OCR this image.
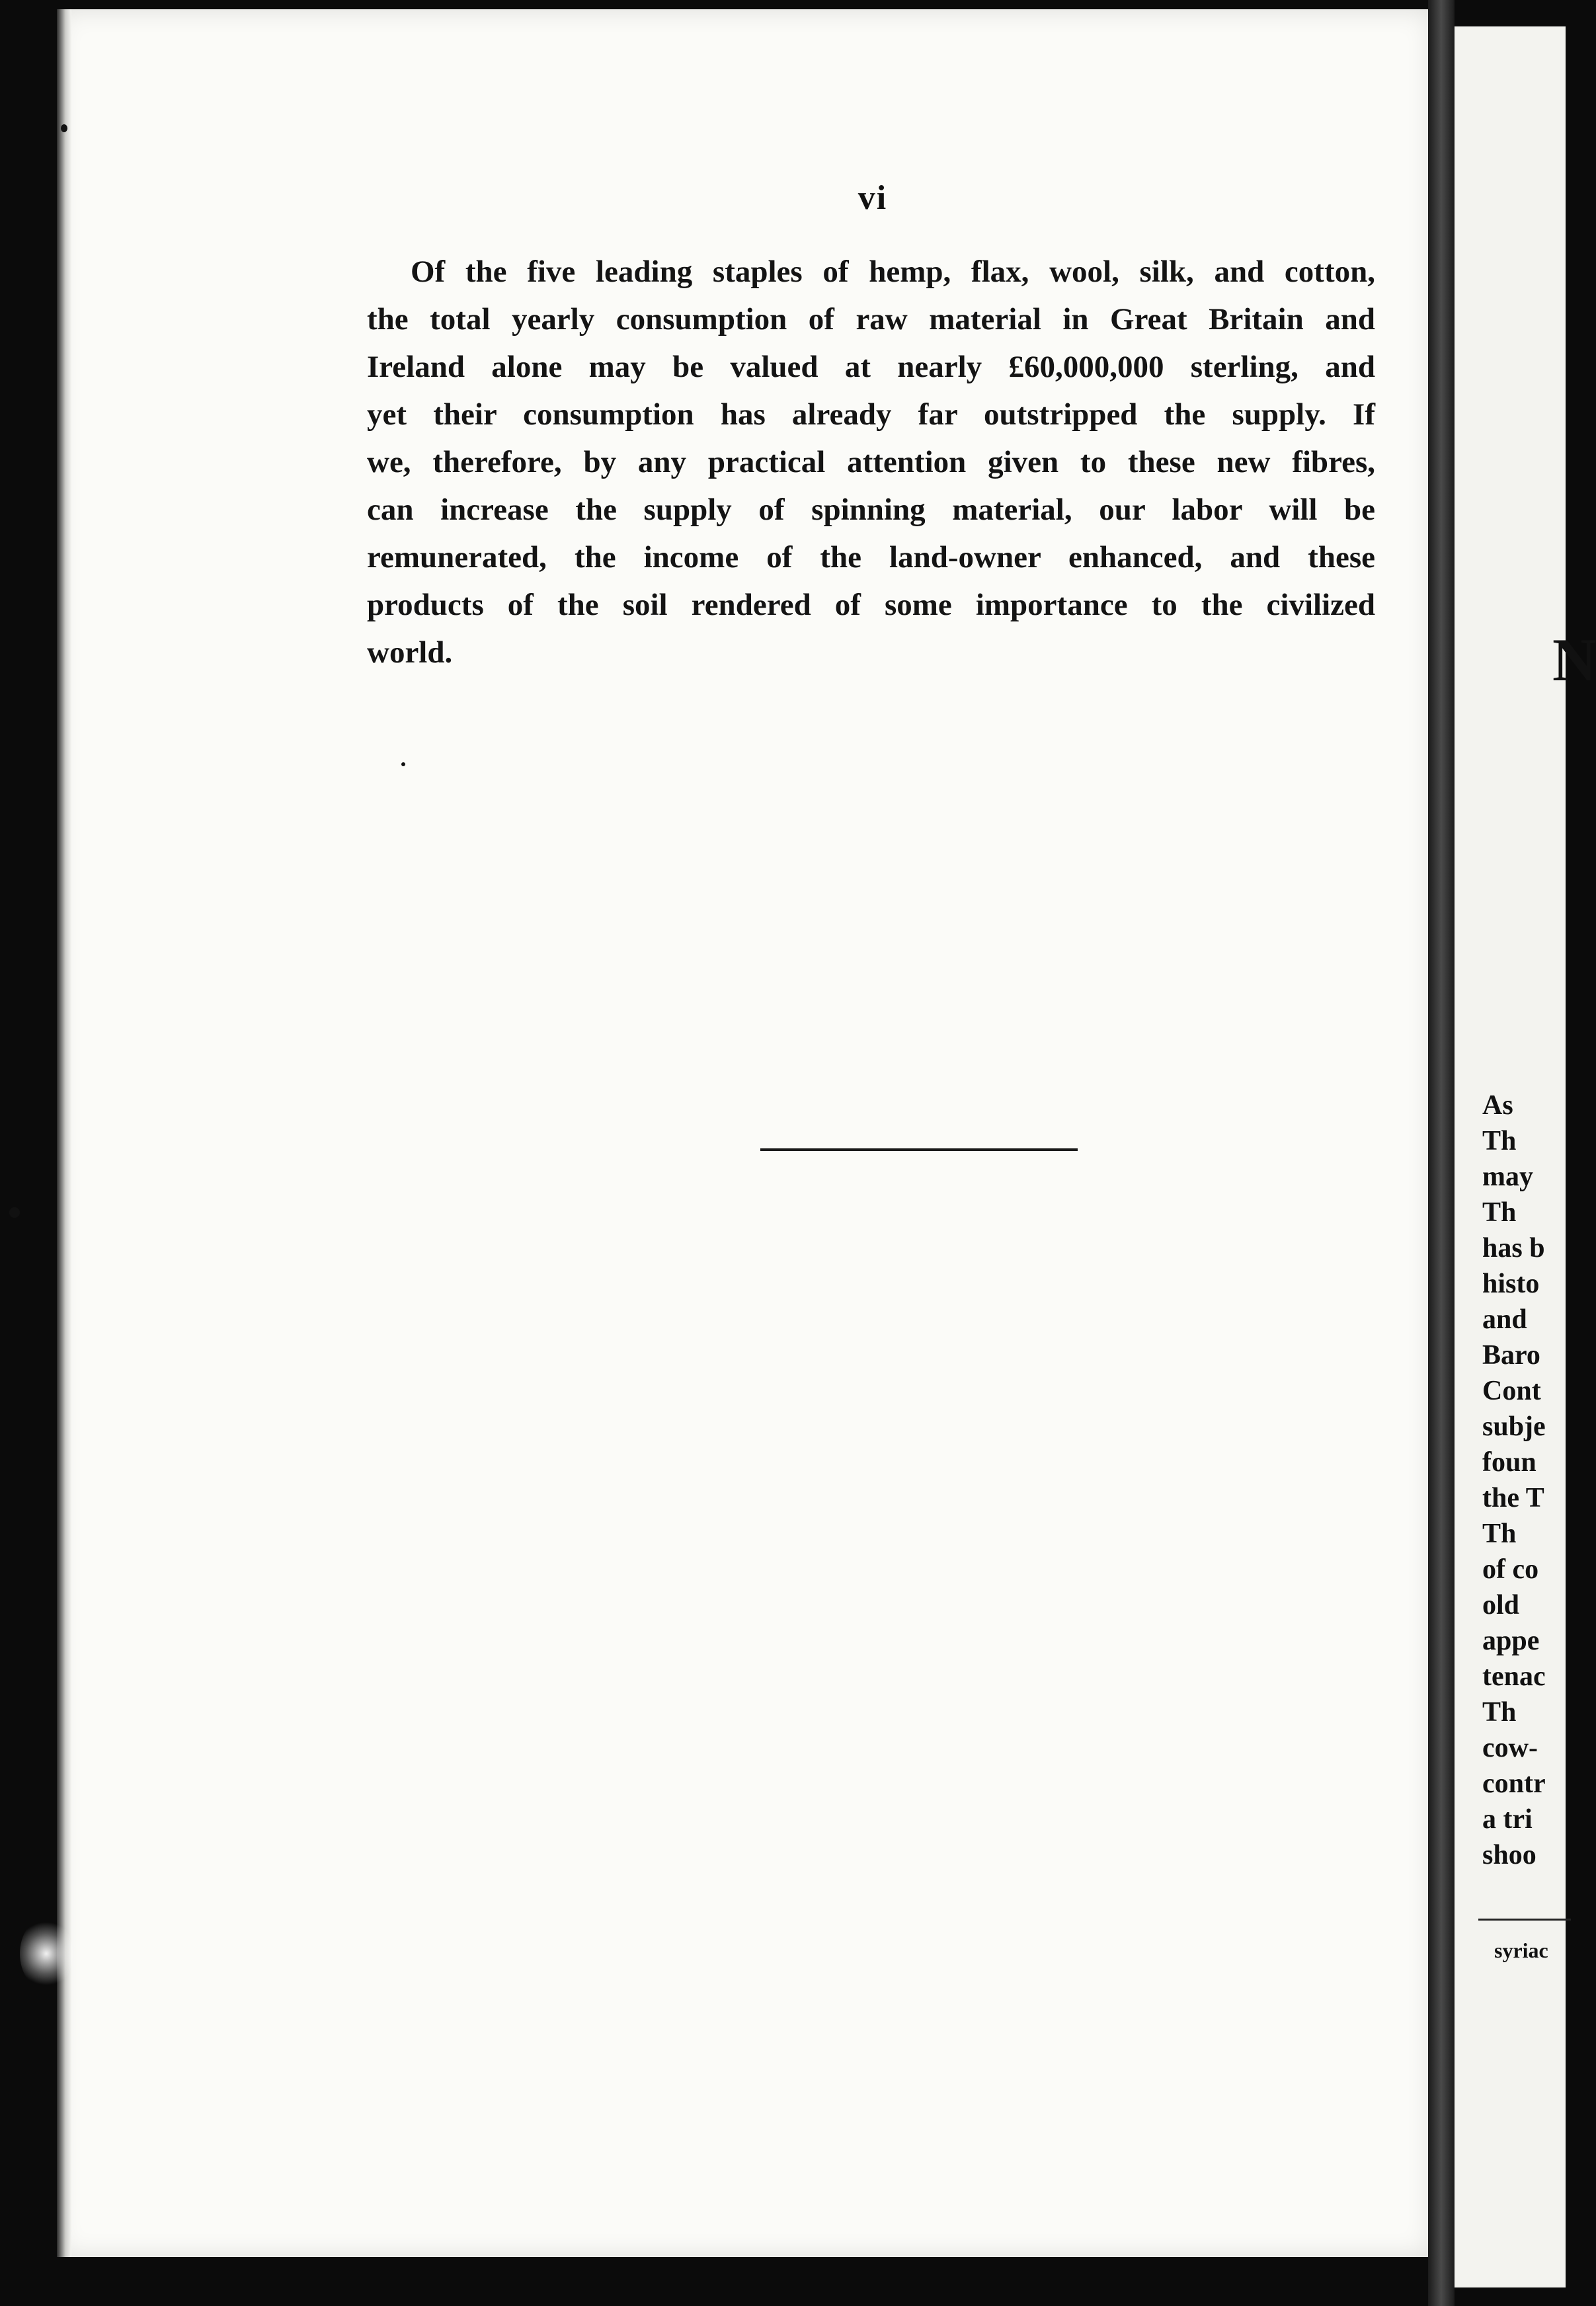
vi
Of the five leading staples of hemp, flax, wool, silk, and cotton,
the total yearly consumption of raw material in Great Britain and
Ireland alone may be valued at nearly £60,000,000 sterling, and
yet their consumption has already far outstripped the supply. If
we, therefore, by any practical attention given to these new fibres,
can increase the supply of spinning material, our labor will be
remunerated, the income of the land-owner enhanced, and these
products of the soil rendered of some importance to the civilized
world.	N
As
Th
may
Th
has b
histo
and
Baro
Cont
subje
foun
the T
Th
of co
old
appe
tenac
Th
cow-
contr
a tri
shoo
syriac
